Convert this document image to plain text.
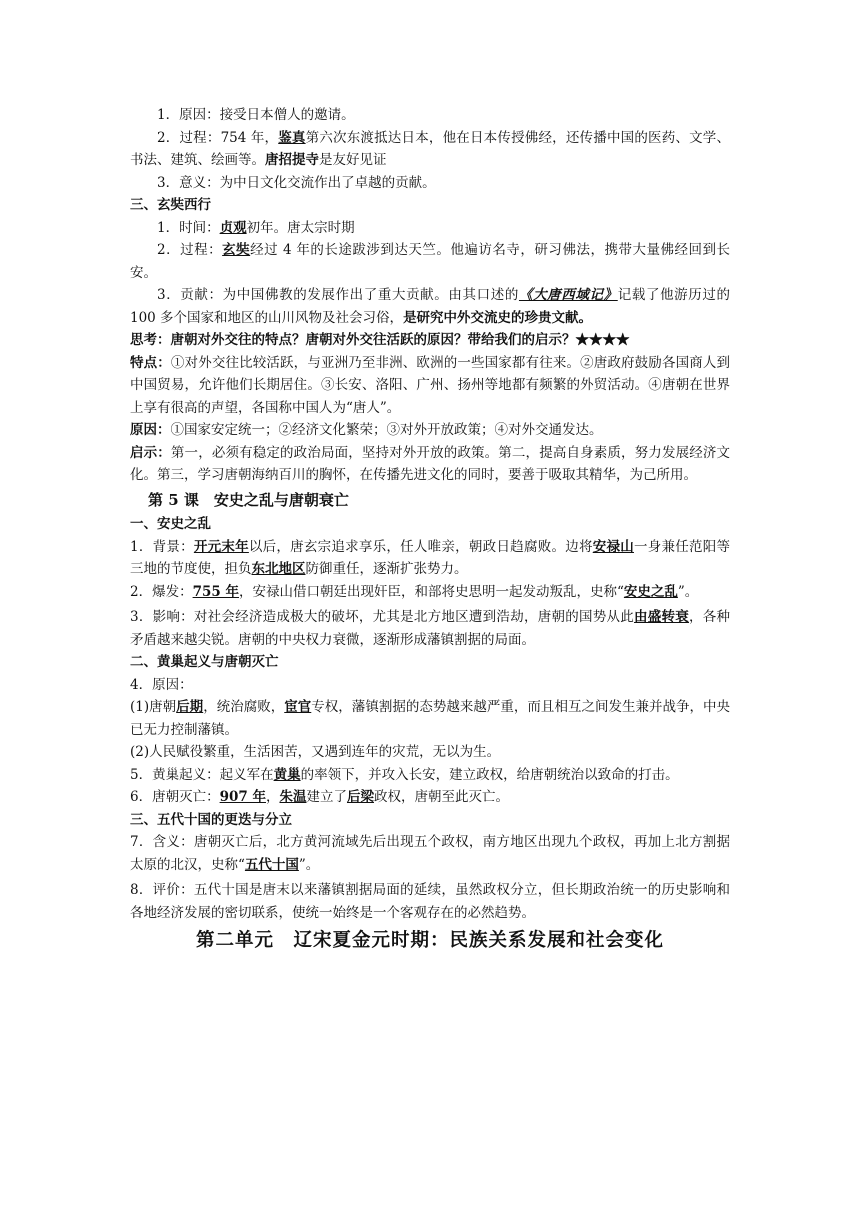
1．原因：接受日本僧人的邀请。

2．过程：754 年，鉴真第六次东渡抵达日本，他在日本传授佛经，还传播中国的医药、文学、书法、建筑、绘画等。唐招提寺是友好见证

3．意义：为中日文化交流作出了卓越的贡献。

三、玄奘西行

1．时间：贞观初年。唐太宗时期

2．过程：玄奘经过 4 年的长途跋涉到达天竺。他遍访名寺，研习佛法，携带大量佛经回到长安。

3．贡献：为中国佛教的发展作出了重大贡献。由其口述的《大唐西域记》记载了他游历过的 100 多个国家和地区的山川风物及社会习俗，是研究中外交流史的珍贵文献。

思考：唐朝对外交往的特点？唐朝对外交往活跃的原因？带给我们的启示？★★★★

特点：①对外交往比较活跃，与亚洲乃至非洲、欧洲的一些国家都有往来。②唐政府鼓励各国商人到中国贸易，允许他们长期居住。③长安、洛阳、广州、扬州等地都有频繁的外贸活动。④唐朝在世界上享有很高的声望，各国称中国人为“唐人”。

原因：①国家安定统一；②经济文化繁荣；③对外开放政策；④对外交通发达。

启示：第一，必须有稳定的政治局面，坚持对外开放的政策。第二，提高自身素质，努力发展经济文化。第三，学习唐朝海纳百川的胸怀，在传播先进文化的同时，要善于吸取其精华，为己所用。

第 5 课　安史之乱与唐朝衰亡

一、安史之乱

1．背景：开元末年以后，唐玄宗追求享乐，任人唯亲，朝政日趋腐败。边将安禄山一身兼任范阳等三地的节度使，担负东北地区防御重任，逐渐扩张势力。

2．爆发：755 年，安禄山借口朝廷出现奸臣，和部将史思明一起发动叛乱，史称“安史之乱”。

3．影响：对社会经济造成极大的破坏，尤其是北方地区遭到浩劫，唐朝的国势从此由盛转衰，各种矛盾越来越尖锐。唐朝的中央权力衰微，逐渐形成藩镇割据的局面。

二、黄巢起义与唐朝灭亡

4．原因：

(1)唐朝后期，统治腐败，宦官专权，藩镇割据的态势越来越严重，而且相互之间发生兼并战争，中央已无力控制藩镇。

(2)人民赋役繁重，生活困苦，又遇到连年的灾荒，无以为生。

5．黄巢起义：起义军在黄巢的率领下，并攻入长安，建立政权，给唐朝统治以致命的打击。

6．唐朝灭亡：907 年，朱温建立了后梁政权，唐朝至此灭亡。

三、五代十国的更迭与分立

7．含义：唐朝灭亡后，北方黄河流域先后出现五个政权，南方地区出现九个政权，再加上北方割据太原的北汉，史称“五代十国”。

8．评价：五代十国是唐末以来藩镇割据局面的延续，虽然政权分立，但长期政治统一的历史影响和各地经济发展的密切联系，使统一始终是一个客观存在的必然趋势。

第二单元　辽宋夏金元时期：民族关系发展和社会变化
